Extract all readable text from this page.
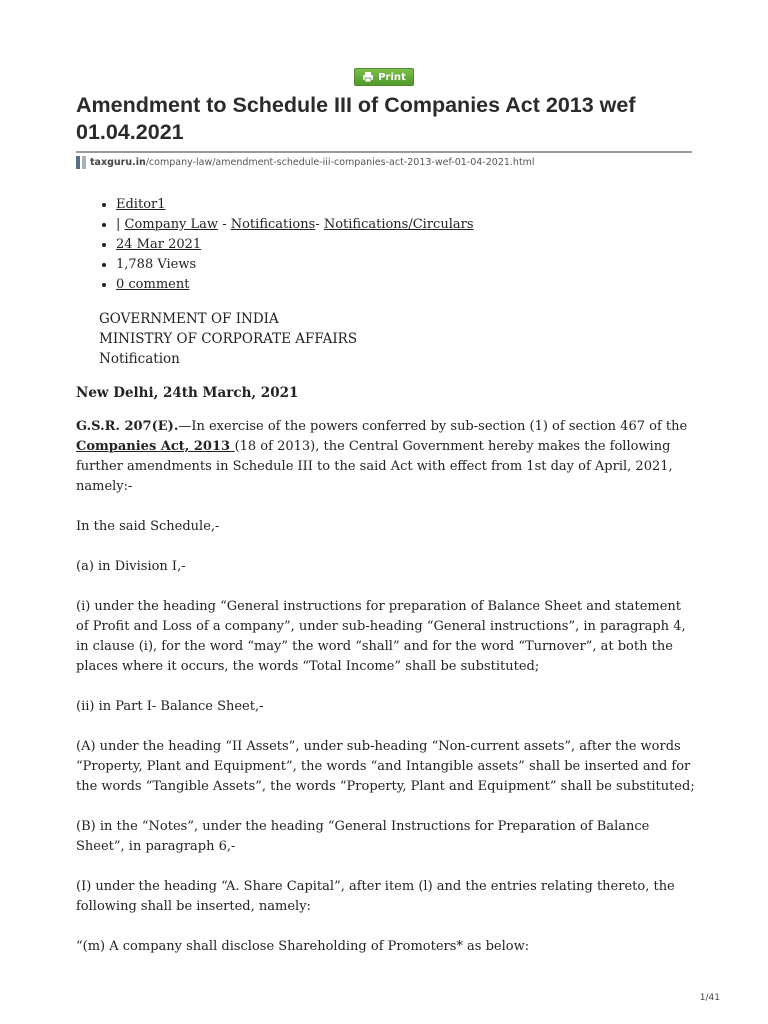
Print
Amendment to Schedule III of Companies Act 2013 wef 01.04.2021
taxguru.in/company-law/amendment-schedule-iii-companies-act-2013-wef-01-04-2021.html
• Editor1
• | Company Law - Notifications- Notifications/Circulars
• 24 Mar 2021
• 1,788 Views
• 0 comment
GOVERNMENT OF INDIA
MINISTRY OF CORPORATE AFFAIRS
Notification

New Delhi, 24th March, 2021

G.S.R. 207(E).—In exercise of the powers conferred by sub-section (1) of section 467 of the Companies Act, 2013 (18 of 2013), the Central Government hereby makes the following further amendments in Schedule III to the said Act with effect from 1st day of April, 2021, namely:-

In the said Schedule,-

(a) in Division I,-

(i) under the heading “General instructions for preparation of Balance Sheet and statement of Profit and Loss of a company”, under sub-heading “General instructions”, in paragraph 4, in clause (i), for the word “may” the word “shall” and for the word “Turnover”, at both the places where it occurs, the words “Total Income” shall be substituted;

(ii) in Part I- Balance Sheet,-

(A) under the heading “II Assets”, under sub-heading “Non-current assets”, after the words “Property, Plant and Equipment”, the words “and Intangible assets” shall be inserted and for the words “Tangible Assets”, the words “Property, Plant and Equipment” shall be substituted;

(B) in the “Notes”, under the heading “General Instructions for Preparation of Balance Sheet”, in paragraph 6,-

(I) under the heading “A. Share Capital”, after item (l) and the entries relating thereto, the following shall be inserted, namely:

“(m) A company shall disclose Shareholding of Promoters* as below:

1/41
